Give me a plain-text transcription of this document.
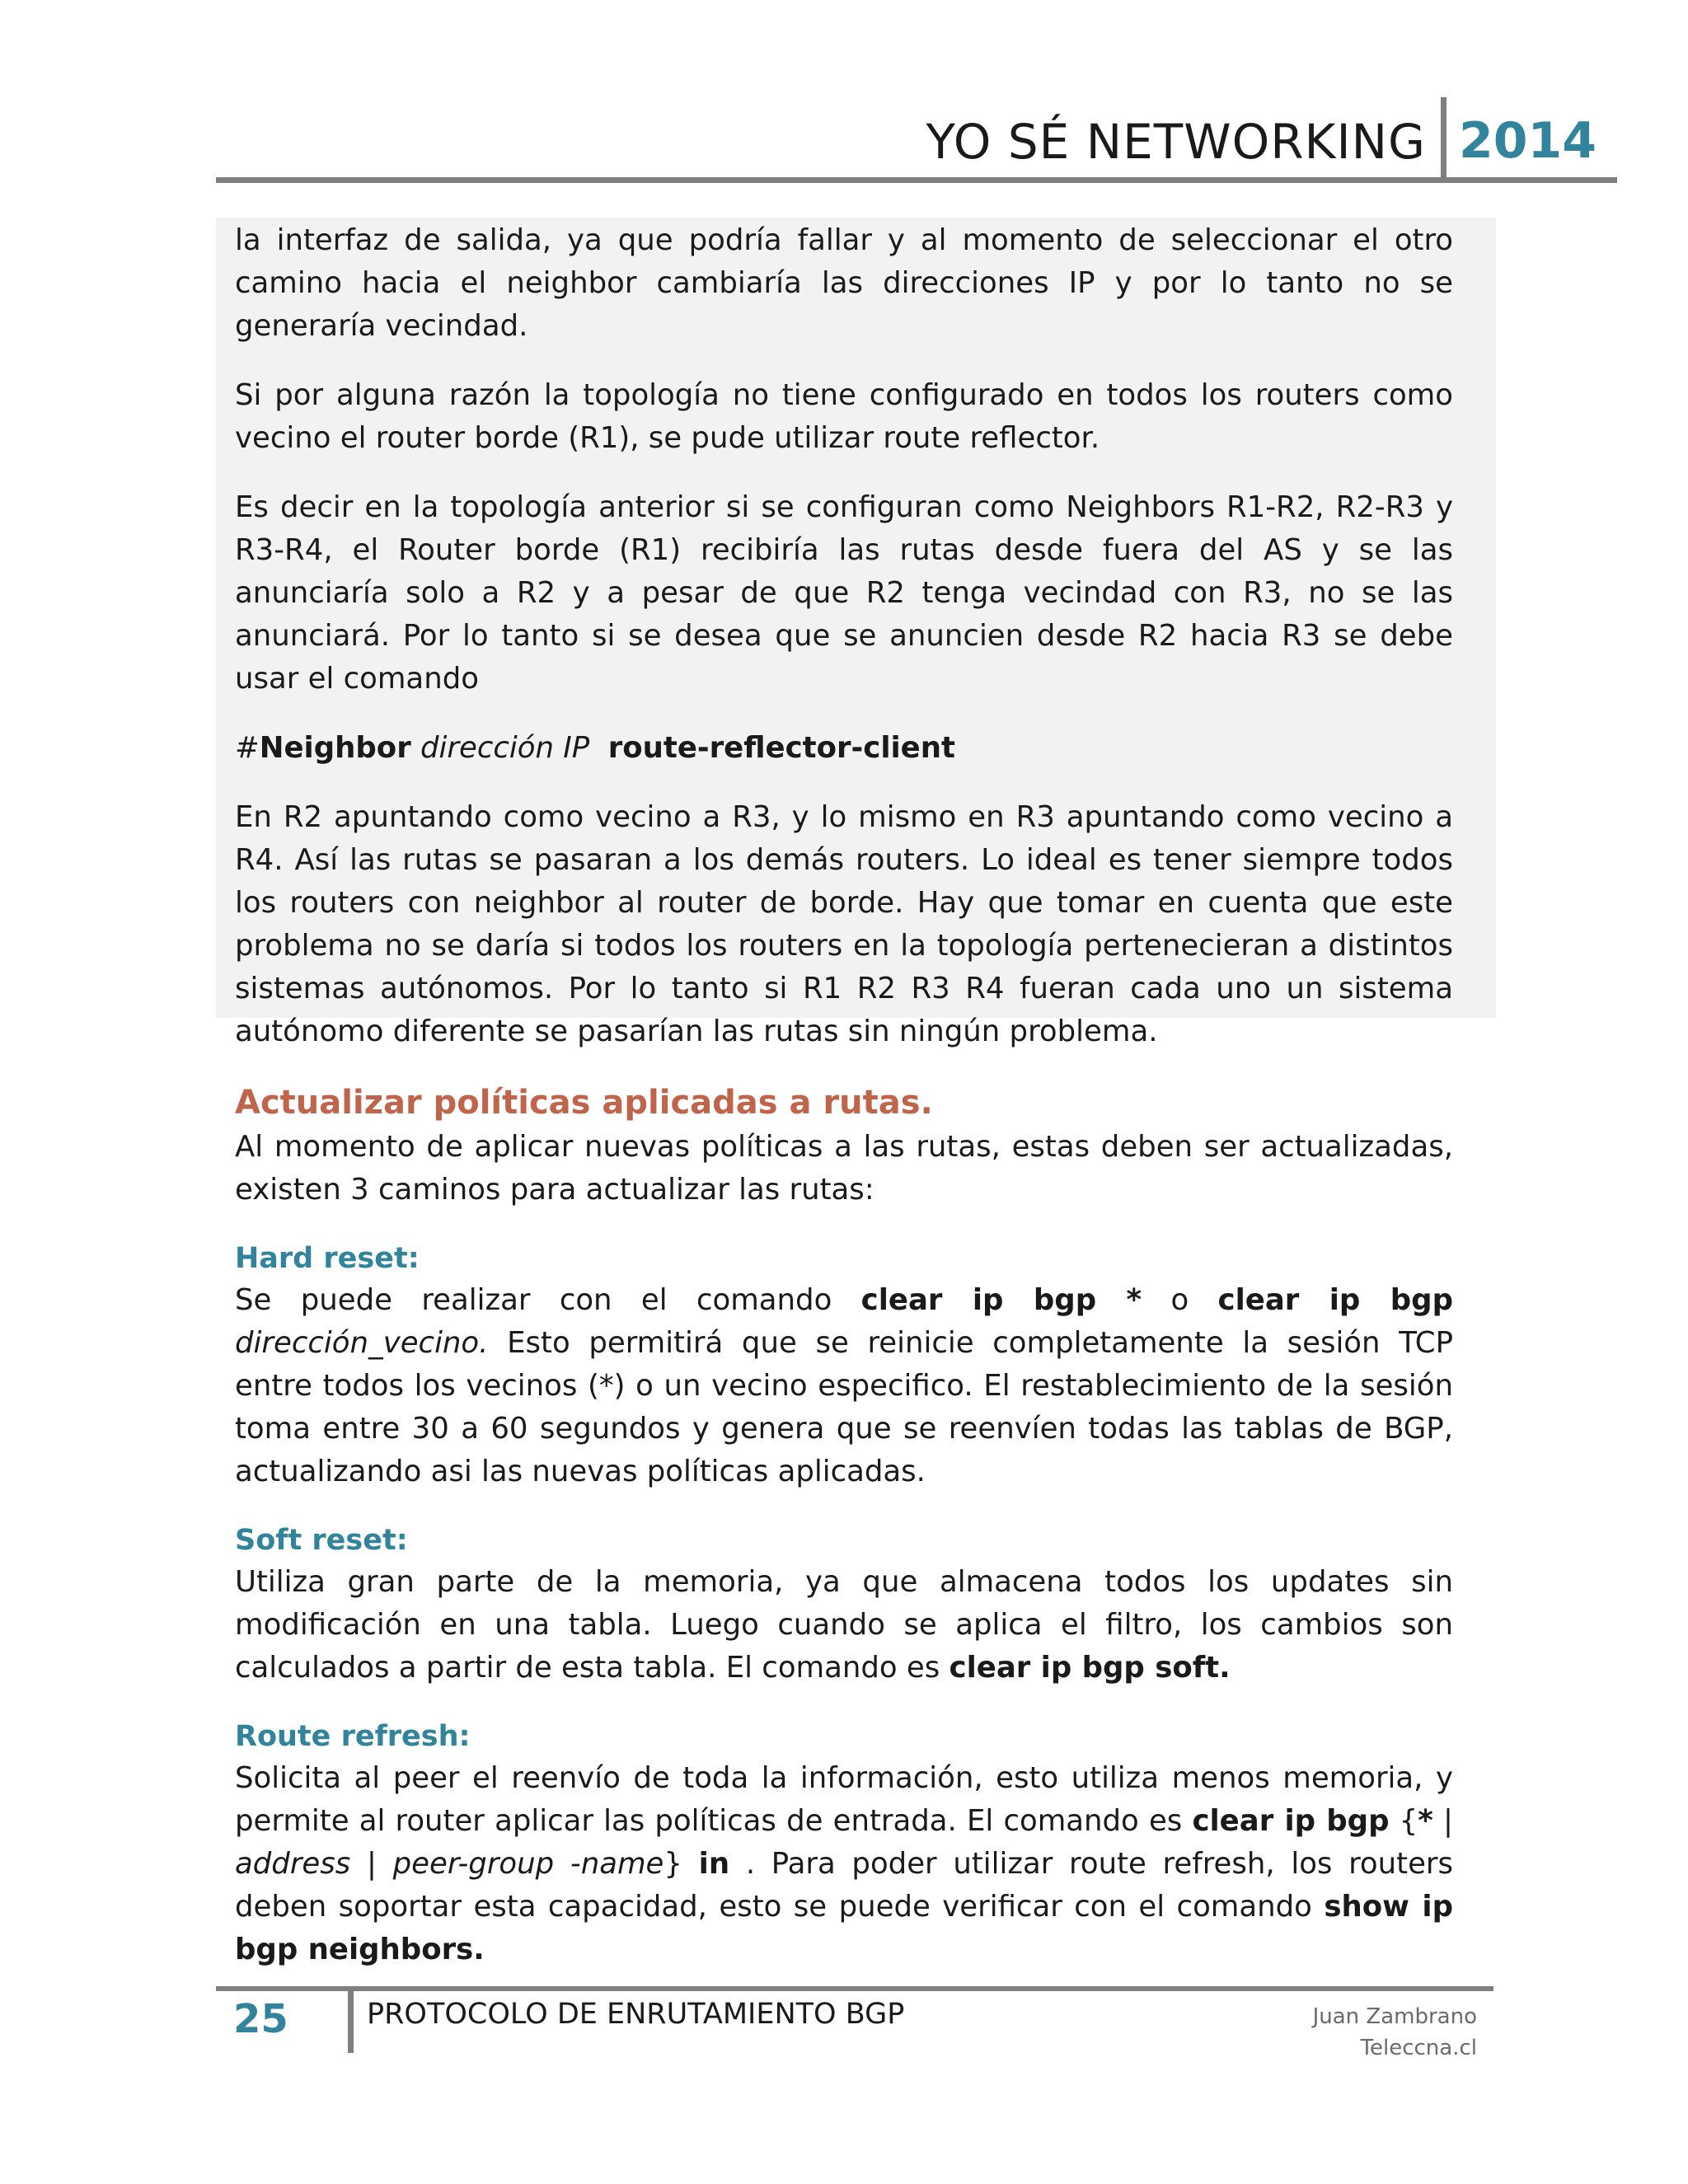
YO SÉ NETWORKING 2014

la interfaz de salida, ya que podría fallar y al momento de seleccionar el otro camino hacia el neighbor cambiaría las direcciones IP y por lo tanto no se generaría vecindad.

Si por alguna razón la topología no tiene configurado en todos los routers como vecino el router borde (R1), se pude utilizar route reflector.

Es decir en la topología anterior si se configuran como Neighbors R1-R2, R2-R3 y R3-R4, el Router borde (R1) recibiría las rutas desde fuera del AS y se las anunciaría solo a R2 y a pesar de que R2 tenga vecindad con R3, no se las anunciará. Por lo tanto si se desea que se anuncien desde R2 hacia R3 se debe usar el comando

#Neighbor dirección IP route-reflector-client

En R2 apuntando como vecino a R3, y lo mismo en R3 apuntando como vecino a R4. Así las rutas se pasaran a los demás routers. Lo ideal es tener siempre todos los routers con neighbor al router de borde. Hay que tomar en cuenta que este problema no se daría si todos los routers en la topología pertenecieran a distintos sistemas autónomos. Por lo tanto si R1 R2 R3 R4 fueran cada uno un sistema autónomo diferente se pasarían las rutas sin ningún problema.

Actualizar políticas aplicadas a rutas.

Al momento de aplicar nuevas políticas a las rutas, estas deben ser actualizadas, existen 3 caminos para actualizar las rutas:

Hard reset:

Se puede realizar con el comando clear ip bgp * o clear ip bgp dirección_vecino. Esto permitirá que se reinicie completamente la sesión TCP entre todos los vecinos (*) o un vecino especifico. El restablecimiento de la sesión toma entre 30 a 60 segundos y genera que se reenvíen todas las tablas de BGP, actualizando asi las nuevas políticas aplicadas.

Soft reset:

Utiliza gran parte de la memoria, ya que almacena todos los updates sin modificación en una tabla. Luego cuando se aplica el filtro, los cambios son calculados a partir de esta tabla. El comando es clear ip bgp soft.

Route refresh:

Solicita al peer el reenvío de toda la información, esto utiliza menos memoria, y permite al router aplicar las políticas de entrada. El comando es clear ip bgp {* | address | peer-group -name} in . Para poder utilizar route refresh, los routers deben soportar esta capacidad, esto se puede verificar con el comando show ip bgp neighbors.

25	PROTOCOLO DE ENRUTAMIENTO BGP	Juan Zambrano
Teleccna.cl
